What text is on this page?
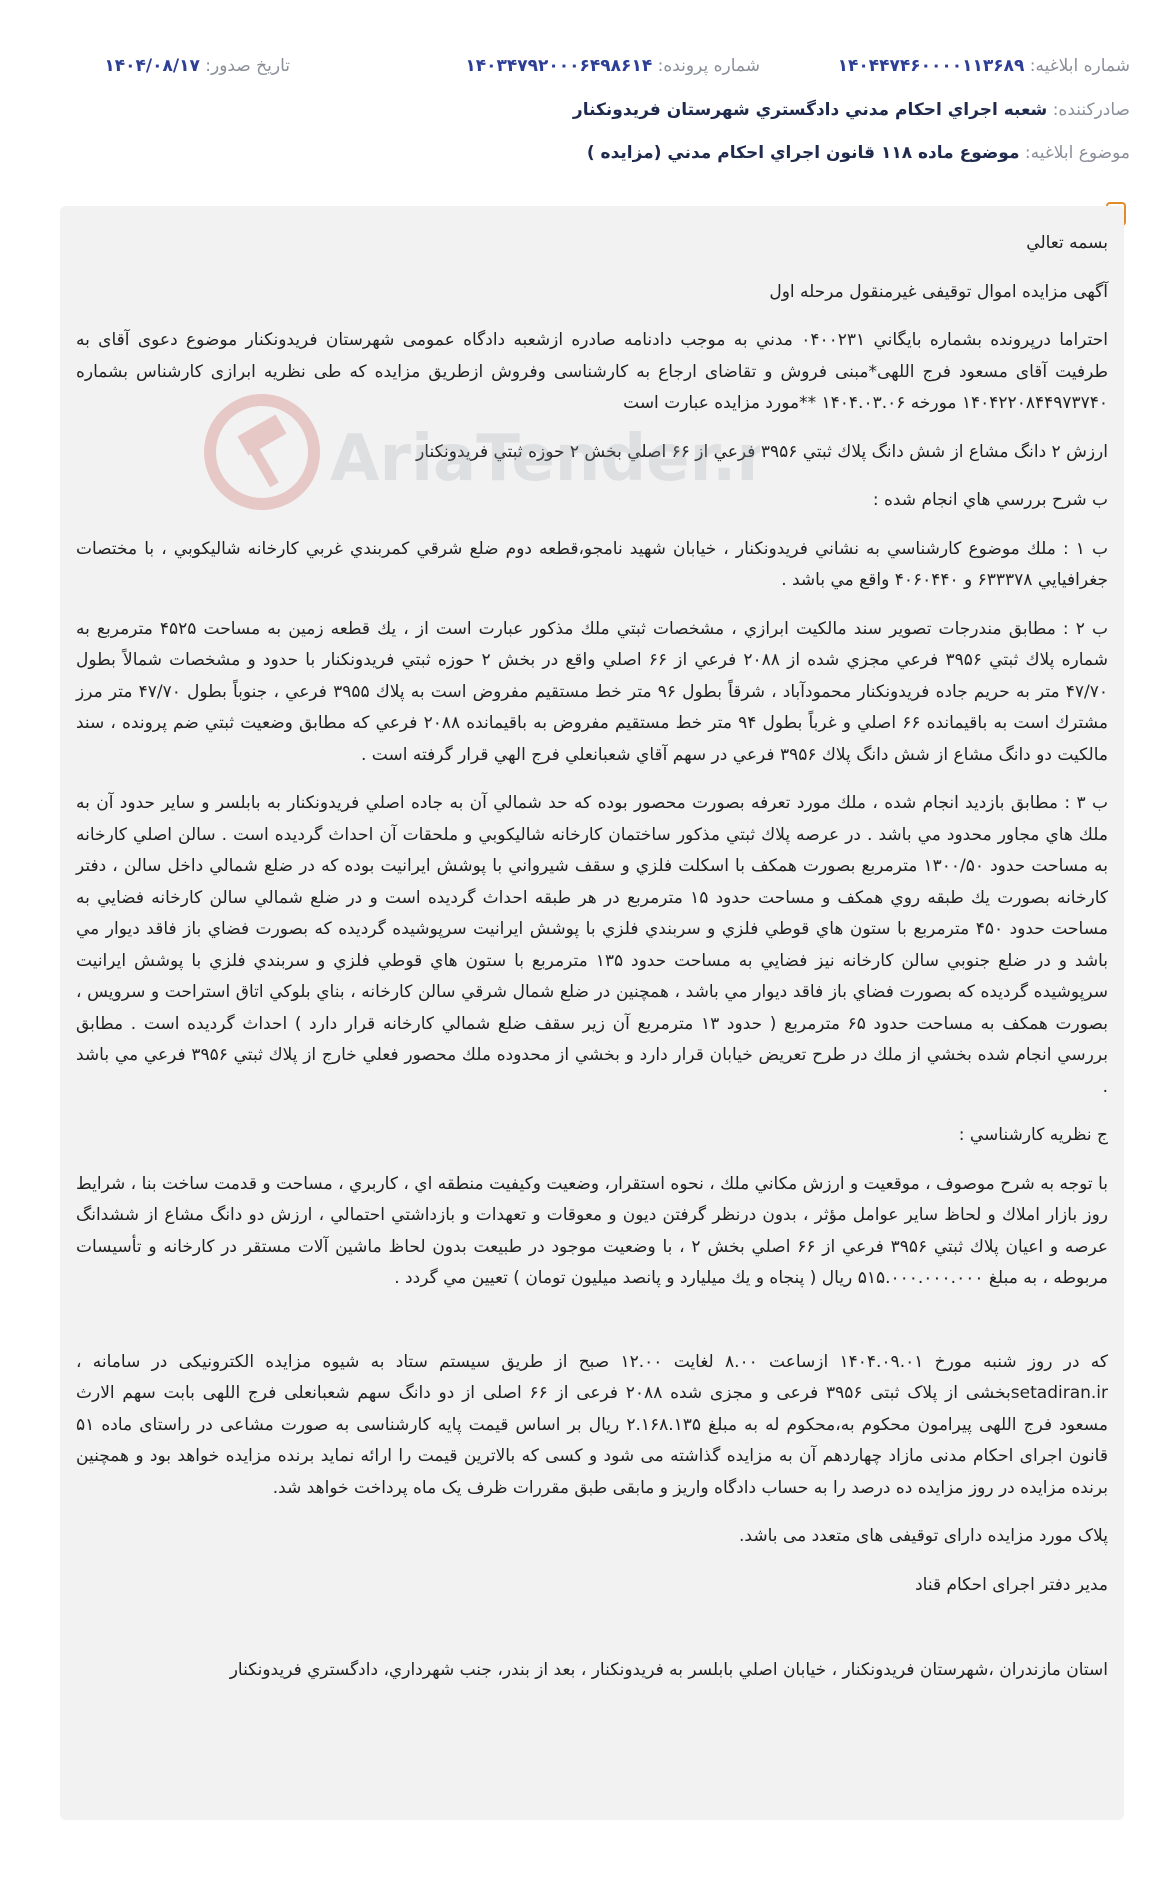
شماره ابلاغیه:

۱۴۰۴۴۷۴۶۰۰۰۰۱۱۳۶۸۹
شماره پرونده:

۱۴۰۳۴۷۹۲۰۰۰۶۴۹۸۶۱۴
تاریخ صدور:

۱۴۰۴/۰۸/۱۷
صادرکننده:

شعبه اجراي احکام مدني دادگستري شهرستان فريدونکنار
موضوع ابلاغیه:

موضوع ماده ۱۱۸ قانون اجراي احکام مدني (مزايده )

بسمه تعالي

آگهی مزایده اموال توقیفی غیرمنقول مرحله اول

احتراما درپرونده بشماره بايگاني ۰۴۰۰۲۳۱ مدني به موجب دادنامه صادره ازشعبه دادگاه عمومی شهرستان فریدونکنار موضوع دعوی آقای به طرفیت آقای مسعود فرج اللهی*مبنی فروش و تقاضای ارجاع به کارشناسی وفروش ازطریق مزایده که طی نظریه ابرازی کارشناس بشماره ۱۴۰۴۲۲۰۸۴۴۹۷۳۷۴۰ مورخه ۱۴۰۴.۰۳.۰۶ **مورد مزایده عبارت است

ارزش ۲ دانگ مشاع از شش دانگ پلاك ثبتي ۳۹۵۶ فرعي از ۶۶ اصلي بخش ۲ حوزه ثبتي فريدونكنار

ب شرح بررسي هاي انجام شده :

ب ۱ : ملك موضوع كارشناسي به نشاني فريدونكنار ، خيابان شهيد نامجو،قطعه دوم ضلع شرقي كمربندي غربي كارخانه شاليكوبي ، با مختصات جغرافيايي ۶۳۳۳۷۸ و ۴۰۶۰۴۴۰ واقع مي باشد .

ب ۲ : مطابق مندرجات تصوير سند مالكيت ابرازي ، مشخصات ثبتي ملك مذكور عبارت است از ، يك قطعه زمين به مساحت ۴۵۲۵ مترمربع به شماره پلاك ثبتي ۳۹۵۶ فرعي مجزي شده از ۲۰۸۸ فرعي از ۶۶ اصلي واقع در بخش ۲ حوزه ثبتي فريدونكنار با حدود و مشخصات شمالاً بطول ۴۷/۷۰ متر به حريم جاده فريدونكنار محمودآباد ، شرقاً بطول ۹۶ متر خط مستقيم مفروض است به پلاك ۳۹۵۵ فرعي ، جنوباً بطول ۴۷/۷۰ متر مرز مشترك است به باقيمانده ۶۶ اصلي و غرباً بطول ۹۴ متر خط مستقيم مفروض به باقيمانده ۲۰۸۸ فرعي كه مطابق وضعيت ثبتي ضم پرونده ، سند مالكيت دو دانگ مشاع از شش دانگ پلاك ۳۹۵۶ فرعي در سهم آقاي شعبانعلي فرج الهي قرار گرفته است .

ب ۳ : مطابق بازديد انجام شده ، ملك مورد تعرفه بصورت محصور بوده كه حد شمالي آن به جاده اصلي فريدونكنار به بابلسر و ساير حدود آن به ملك هاي مجاور محدود مي باشد . در عرصه پلاك ثبتي مذكور ساختمان كارخانه شاليكوبي و ملحقات آن احداث گرديده است . سالن اصلي كارخانه به مساحت حدود ۱۳۰۰/۵۰ مترمربع بصورت همكف با اسكلت فلزي و سقف شيرواني با پوشش ايرانيت بوده كه در ضلع شمالي داخل سالن ، دفتر كارخانه بصورت يك طبقه روي همكف و مساحت حدود ۱۵ مترمربع در هر طبقه احداث گرديده است و در ضلع شمالي سالن كارخانه فضايي به مساحت حدود ۴۵۰ مترمربع با ستون هاي قوطي فلزي و سربندي فلزي با پوشش ايرانيت سرپوشيده گرديده كه بصورت فضاي باز فاقد ديوار مي باشد و در ضلع جنوبي سالن كارخانه نيز فضايي به مساحت حدود ۱۳۵ مترمربع با ستون هاي قوطي فلزي و سربندي فلزي با پوشش ايرانيت سرپوشيده گرديده كه بصورت فضاي باز فاقد ديوار مي باشد ، همچنين در ضلع شمال شرقي سالن كارخانه ، بناي بلوكي اتاق استراحت و سرويس ، بصورت همكف به مساحت حدود ۶۵ مترمربع ( حدود ۱۳ مترمربع آن زير سقف ضلع شمالي كارخانه قرار دارد ) احداث گرديده است . مطابق بررسي انجام شده بخشي از ملك در طرح تعريض خيابان قرار دارد و بخشي از محدوده ملك محصور فعلي خارج از پلاك ثبتي ۳۹۵۶ فرعي مي باشد .

ج نظريه كارشناسي :

با توجه به شرح موصوف ، موقعيت و ارزش مكاني ملك ، نحوه استقرار، وضعيت وكيفيت منطقه اي ، كاربري ، مساحت و قدمت ساخت بنا ، شرايط روز بازار املاك و لحاظ ساير عوامل مؤثر ، بدون درنظر گرفتن ديون و معوقات و تعهدات و بازداشتي احتمالي ، ارزش دو دانگ مشاع از ششدانگ عرصه و اعيان پلاك ثبتي ۳۹۵۶ فرعي از ۶۶ اصلي بخش ۲ ، با وضعيت موجود در طبيعت بدون لحاظ ماشين آلات مستقر در كارخانه و تأسيسات مربوطه ، به مبلغ ۵۱۵.۰۰۰.۰۰۰.۰۰۰ ريال ( پنجاه و يك ميليارد و پانصد ميليون تومان ) تعيين مي گردد .

که در روز شنبه مورخ ۱۴۰۴.۰۹.۰۱ ازساعت ۸.۰۰ لغایت ۱۲.۰۰ صبح از طریق سیستم ستاد به شیوه مزایده الکترونیکی در سامانه ، setadiran.irبخشی از پلاک ثبتی ۳۹۵۶ فرعی و مجزی شده ۲۰۸۸ فرعی از ۶۶ اصلی از دو دانگ سهم شعبانعلی فرج اللهی بابت سهم الارث مسعود فرج اللهی پیرامون محکوم به،محکوم له به مبلغ ۲.۱۶۸.۱۳۵ ریال بر اساس قیمت پایه کارشناسی به صورت مشاعی در راستای ماده ۵۱ قانون اجرای احکام مدنی مازاد چهاردهم آن به مزایده گذاشته می شود و کسی که بالاترین قیمت را ارائه نماید برنده مزایده خواهد بود و همچنین برنده مزایده در روز مزایده ده درصد را به حساب دادگاه واریز و مابقی طبق مقررات ظرف یک ماه پرداخت خواهد شد.

پلاک مورد مزایده دارای توقیفی های متعدد می باشد.

مدیر دفتر اجرای احکام قناد

استان مازندران ،شهرستان فريدونكنار ، خيابان اصلي بابلسر به فريدونكنار ، بعد از بندر، جنب شهرداري، دادگستري فريدونكنار

AriaTender.n
